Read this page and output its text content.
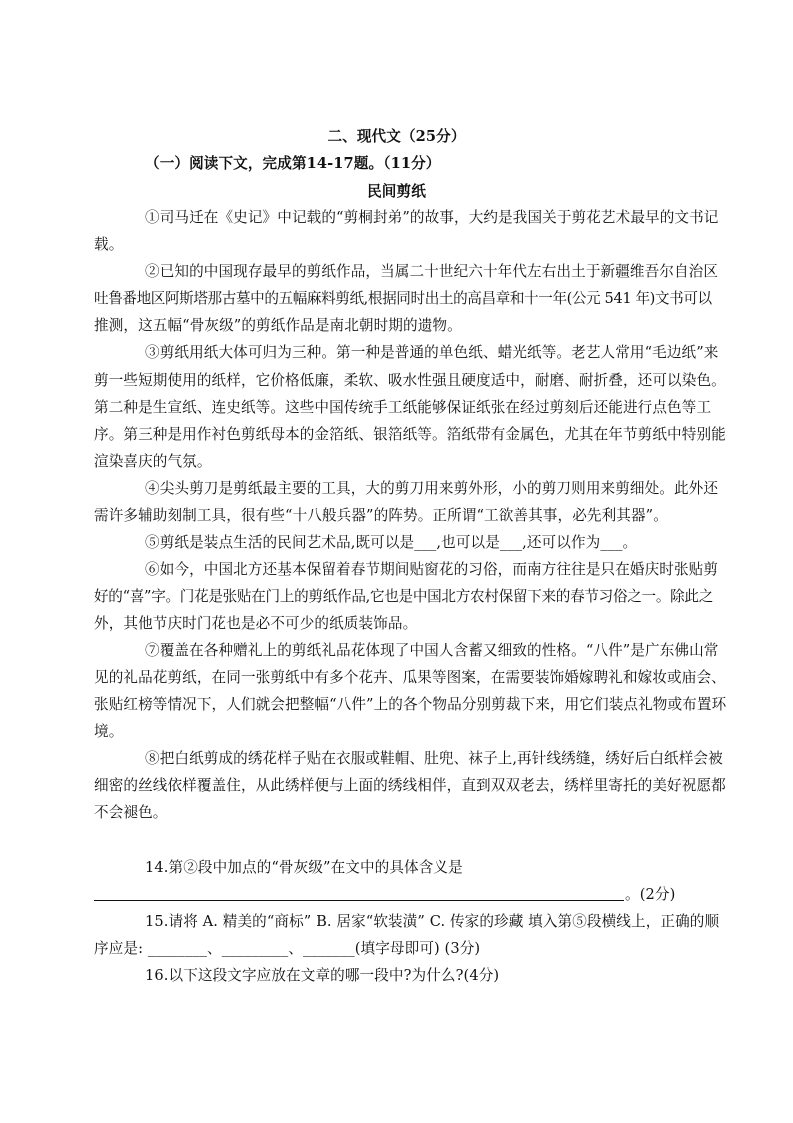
二、现代文（25分）
（一）阅读下文，完成第14-17题。（11分）
民间剪纸
①司马迁在《史记》中记载的“剪桐封弟”的故事，大约是我国关于剪花艺术最早的文书记
载。
②已知的中国现存最早的剪纸作品，当属二十世纪六十年代左右出土于新疆维吾尔自治区
吐鲁番地区阿斯塔那古墓中的五幅麻料剪纸,根据同时出土的高昌章和十一年(公元 541 年)文书可以
推测，这五幅“骨灰级”的剪纸作品是南北朝时期的遗物。
③剪纸用纸大体可归为三种。第一种是普通的单色纸、蜡光纸等。老艺人常用“毛边纸”来
剪一些短期使用的纸样，它价格低廉，柔软、吸水性强且硬度适中，耐磨、耐折叠，还可以染色。
第二种是生宣纸、连史纸等。这些中国传统手工纸能够保证纸张在经过剪刻后还能进行点色等工
序。第三种是用作衬色剪纸母本的金箔纸、银箔纸等。箔纸带有金属色，尤其在年节剪纸中特别能
渲染喜庆的气氛。
④尖头剪刀是剪纸最主要的工具，大的剪刀用来剪外形，小的剪刀则用来剪细处。此外还
需许多辅助刻制工具，很有些“十八般兵器”的阵势。正所谓“工欲善其事，必先利其器”。
⑤剪纸是装点生活的民间艺术品,既可以是___,也可以是___,还可以作为___。
⑥如今，中国北方还基本保留着春节期间贴窗花的习俗，而南方往往是只在婚庆时张贴剪
好的“喜”字。门花是张贴在门上的剪纸作品,它也是中国北方农村保留下来的春节习俗之一。除此之
外，其他节庆时门花也是必不可少的纸质装饰品。
⑦覆盖在各种赠礼上的剪纸礼品花体现了中国人含蓄又细致的性格。“八件”是广东佛山常
见的礼品花剪纸，在同一张剪纸中有多个花卉、瓜果等图案，在需要装饰婚嫁聘礼和嫁妆或庙会、
张贴红榜等情况下，人们就会把整幅“八件”上的各个物品分别剪裁下来，用它们装点礼物或布置环
境。
⑧把白纸剪成的绣花样子贴在衣服或鞋帽、肚兜、袜子上,再针线绣缝，绣好后白纸样会被
细密的丝线依样覆盖住，从此绣样便与上面的绣线相伴，直到双双老去，绣样里寄托的美好祝愿都
不会褪色。
14.第②段中加点的“骨灰级”在文中的具体含义是
。(2分)
15.请将 A. 精美的“商标” B. 居家“软装潢” C. 传家的珍藏 填入第⑤段横线上，正确的顺
序应是: ________、_________、_______(填字母即可) (3分)
16.以下这段文字应放在文章的哪一段中?为什么?(4分)
